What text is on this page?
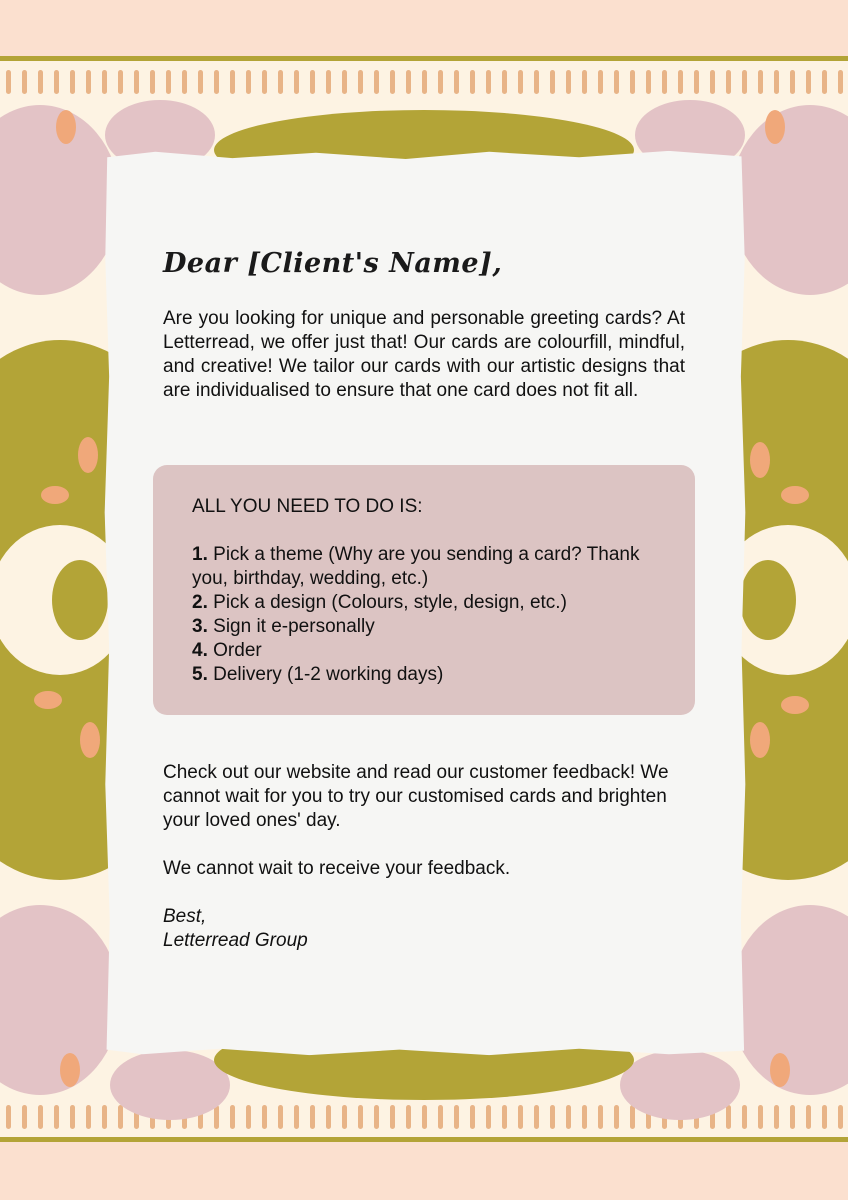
Dear [Client's Name],

Are you looking for unique and personable greeting cards? At Letterread, we offer just that! Our cards are colourfill, mindful, and creative! We tailor our cards with our artistic designs that are individualised to ensure that one card does not fit all.

ALL YOU NEED TO DO IS:

1. Pick a theme (Why are you sending a card? Thank you, birthday, wedding, etc.)
2. Pick a design (Colours, style, design, etc.)
3. Sign it e-personally
4. Order
5. Delivery (1-2 working days)

Check out our website and read our customer feedback! We cannot wait for you to try our customised cards and brighten your loved ones' day.

We cannot wait to receive your feedback.

Best,
Letterread Group
